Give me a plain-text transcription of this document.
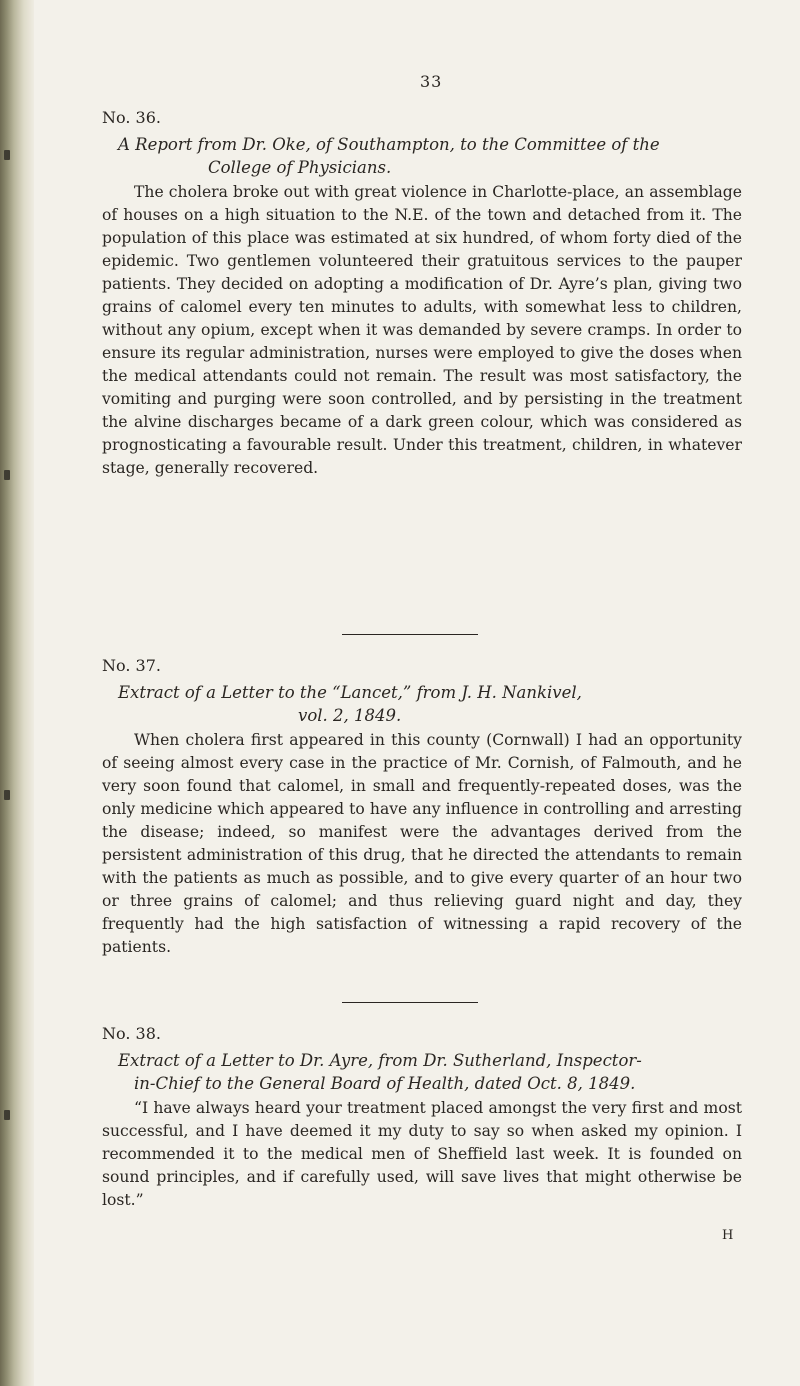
33
No. 36.
A Report from Dr. Oke, of Southampton, to the Committee of the
College of Physicians.

The cholera broke out with great violence in Charlotte-place, an assemblage of houses on a high situation to the N.E. of the town and detached from it. The population of this place was estimated at six hundred, of whom forty died of the epidemic. Two gentlemen volunteered their gratuitous services to the pauper patients. They decided on adopting a modification of Dr. Ayre’s plan, giving two grains of calomel every ten minutes to adults, with somewhat less to children, without any opium, except when it was demanded by severe cramps. In order to ensure its regular administration, nurses were employed to give the doses when the medical attendants could not remain. The result was most satisfactory, the vomiting and purging were soon controlled, and by persisting in the treatment the alvine discharges became of a dark green colour, which was considered as prognosticating a favourable result. Under this treatment, children, in whatever stage, generally recovered.

No. 37.
Extract of a Letter to the “Lancet,” from J. H. Nankivel,
vol. 2, 1849.

When cholera first appeared in this county (Cornwall) I had an opportunity of seeing almost every case in the practice of Mr. Cornish, of Falmouth, and he very soon found that calomel, in small and frequently-repeated doses, was the only medicine which appeared to have any influence in controlling and arresting the disease; indeed, so manifest were the advantages derived from the persistent administration of this drug, that he directed the attendants to remain with the patients as much as possible, and to give every quarter of an hour two or three grains of calomel; and thus relieving guard night and day, they frequently had the high satisfaction of witnessing a rapid recovery of the patients.

No. 38.
Extract of a Letter to Dr. Ayre, from Dr. Sutherland, Inspector-
in-Chief to the General Board of Health, dated Oct. 8, 1849.

“I have always heard your treatment placed amongst the very first and most successful, and I have deemed it my duty to say so when asked my opinion. I recommended it to the medical men of Sheffield last week. It is founded on sound principles, and if carefully used, will save lives that might otherwise be lost.”

H
